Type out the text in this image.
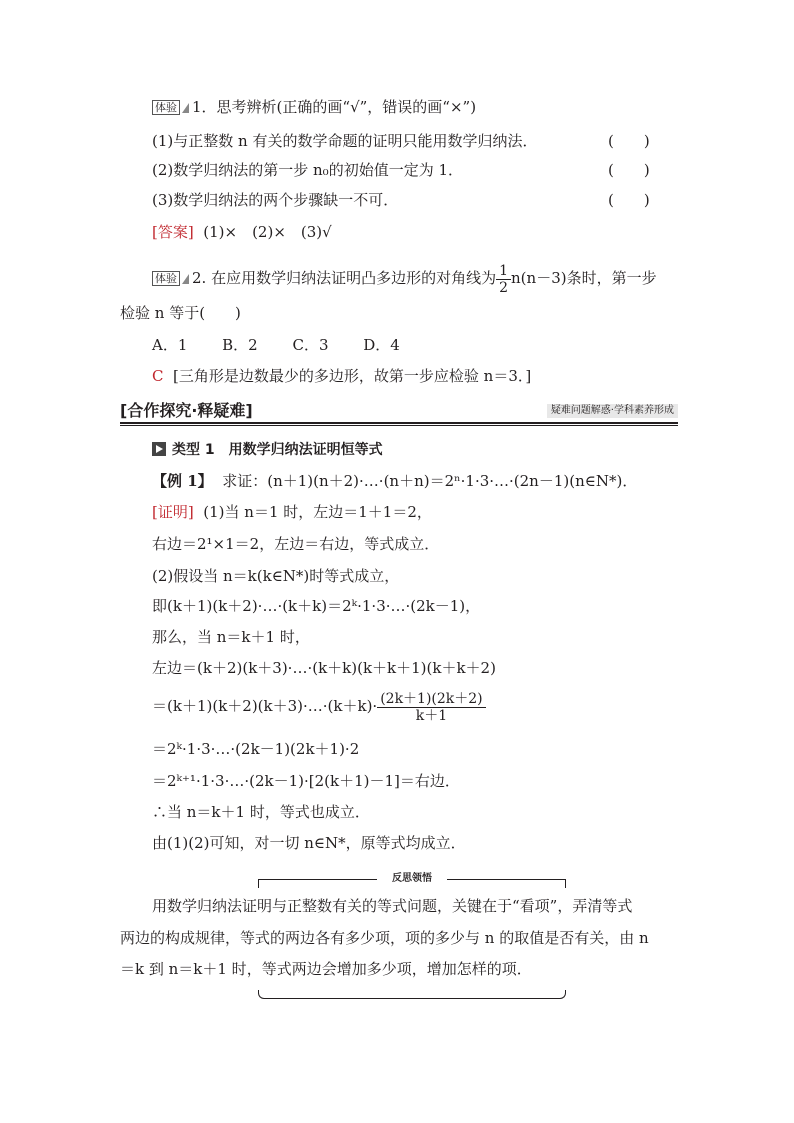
体验 1．思考辨析(正确的画“√”，错误的画“×”)
(1)与正整数 n 有关的数学命题的证明只能用数学归纳法．	(　　)
(2)数学归纳法的第一步 n₀的初始值一定为 1．	(　　)
(3)数学归纳法的两个步骤缺一不可．	(　　)
[答案] (1)×　(2)×　(3)√
体验 2. 在应用数学归纳法证明凸多边形的对角线为 $\frac{1}{2} n(n-3)$条时，第一步
检验 n 等于(　　)
A．1　　 B．2　　 C．3　　 D．4
C [三角形是边数最少的多边形，故第一步应检验 n＝3．]
[合作探究·释疑难]	疑难问题解惑·学科素养形成
类型 1　用数学归纳法证明恒等式
【例 1】 求证：(n＋1)(n＋2)·…·(n＋n)＝2ⁿ·1·3·…·(2n－1)(n∈N*)．
[证明] (1)当 n＝1 时，左边＝1＋1＝2，
右边＝2¹×1＝2，左边＝右边，等式成立．
(2)假设当 n＝k(k∈N*)时等式成立，
即(k＋1)(k＋2)·…·(k＋k)＝2ᵏ·1·3·…·(2k－1)，
那么，当 n＝k＋1 时，
左边＝(k＋2)(k＋3)·…·(k＋k)(k＋k＋1)(k＋k＋2)
＝(k＋1)(k＋2)(k＋3)·…·(k＋k)· $\frac{(2k+1)(2k+2)}{k+1}$
＝2ᵏ·1·3·…·(2k－1)(2k＋1)·2
＝2ᵏ⁺¹·1·3·…·(2k－1)·[2(k＋1)－1]＝右边．
∴当 n＝k＋1 时，等式也成立．
由(1)(2)可知，对一切 n∈N*，原等式均成立．
反思领悟
用数学归纳法证明与正整数有关的等式问题，关键在于“看项”，弄清等式
两边的构成规律，等式的两边各有多少项，项的多少与 n 的取值是否有关，由 n
＝k 到 n＝k＋1 时，等式两边会增加多少项，增加怎样的项．
